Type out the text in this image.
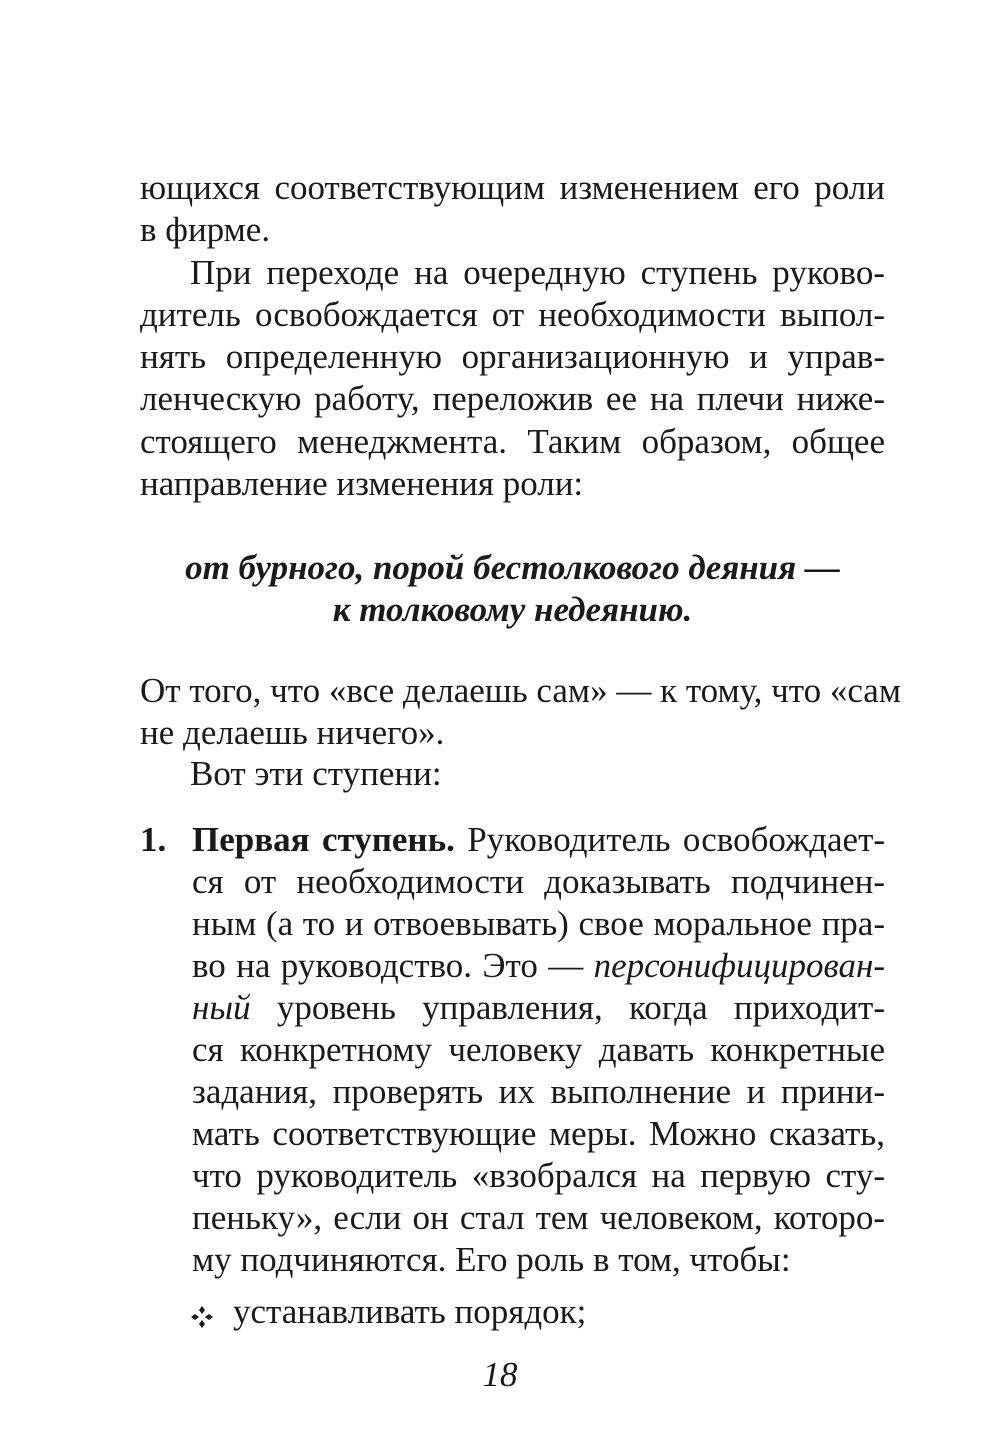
ющихся соответствующим изменением его роли

в фирме.

При переходе на очередную ступень руково-

дитель освобождается от необходимости выпол-

нять определенную организационную и управ-

ленческую работу, переложив ее на плечи ниже-

стоящего менеджмента. Таким образом, общее

направление изменения роли:

от бурного, порой бестолкового деяния —

к толковому недеянию.

От того, что «все делаешь сам» — к тому, что «сам

не делаешь ничего».

Вот эти ступени:

1. Первая ступень. Руководитель освобождает-

ся от необходимости доказывать подчинен-

ным (а то и отвоевывать) свое моральное пра-

во на руководство. Это — персонифицирован-

ный уровень управления, когда приходит-

ся конкретному человеку давать конкретные

задания, проверять их выполнение и прини-

мать соответствующие меры. Можно сказать,

что руководитель «взобрался на первую сту-

пеньку», если он стал тем человеком, которо-

му подчиняются. Его роль в том, чтобы:

устанавливать порядок;

18
